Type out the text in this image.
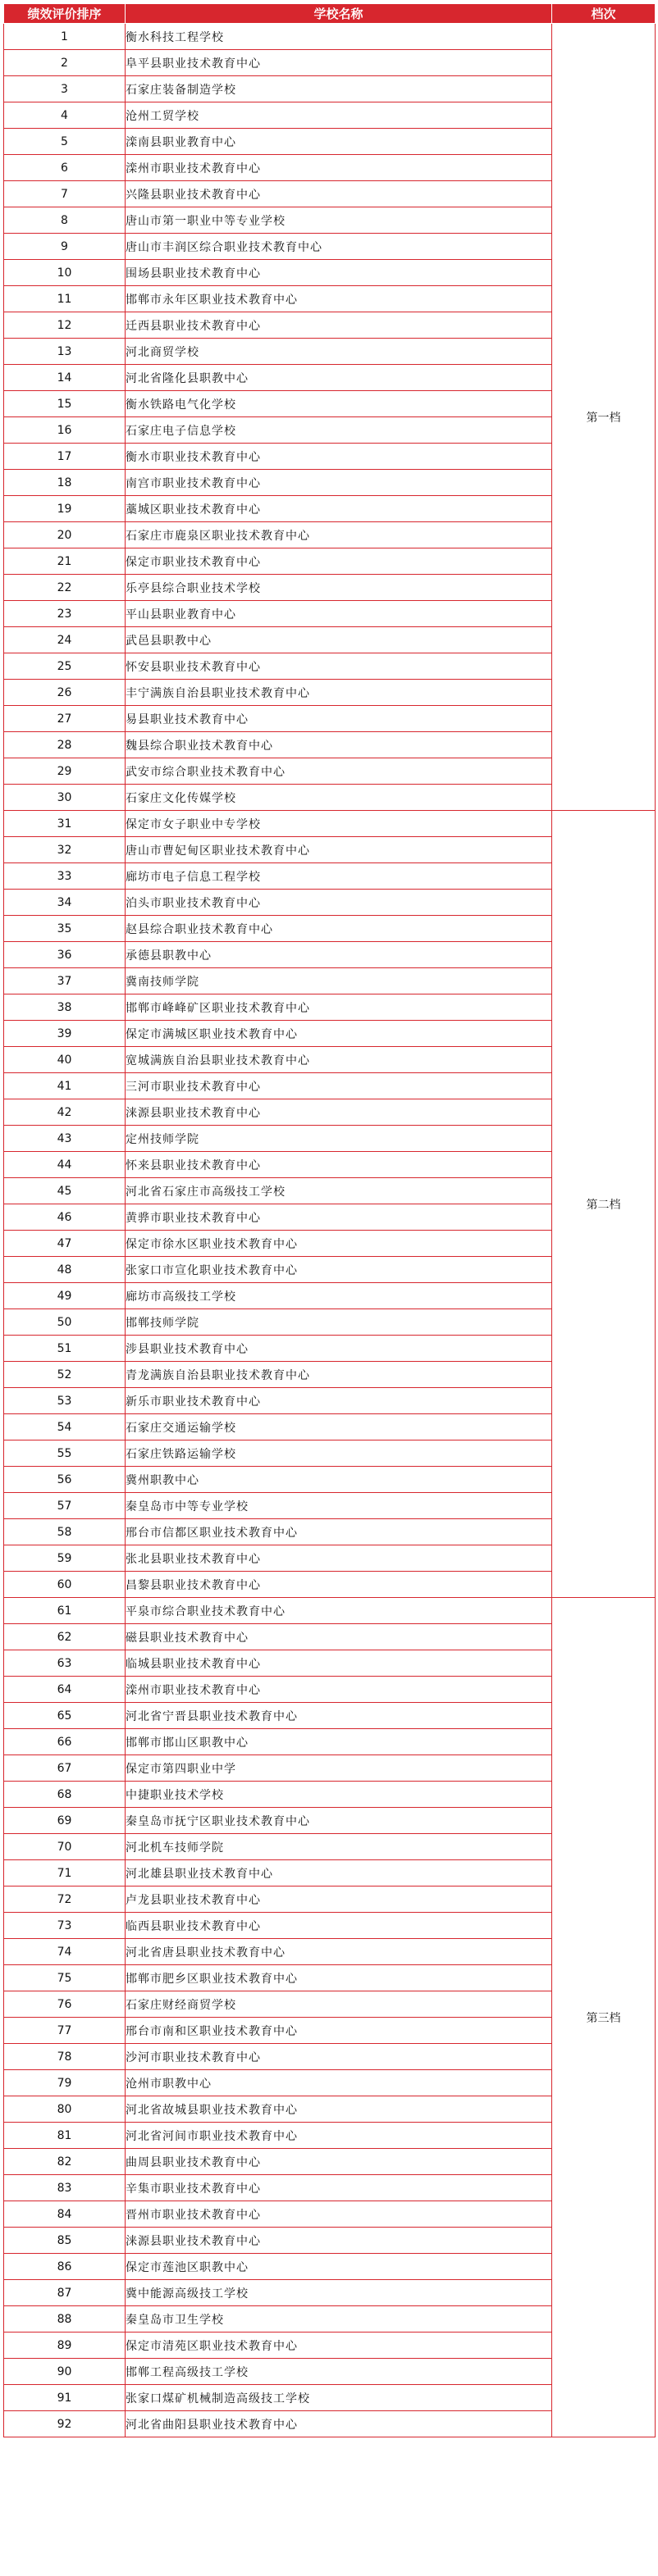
绩效评价排序	学校名称	档次
1	衡水科技工程学校	第一档
2	阜平县职业技术教育中心	
3	石家庄装备制造学校	
4	沧州工贸学校	
5	滦南县职业教育中心	
6	滦州市职业技术教育中心	
7	兴隆县职业技术教育中心	
8	唐山市第一职业中等专业学校	
9	唐山市丰润区综合职业技术教育中心	
10	围场县职业技术教育中心	
11	邯郸市永年区职业技术教育中心	
12	迁西县职业技术教育中心	
13	河北商贸学校	
14	河北省隆化县职教中心	
15	衡水铁路电气化学校	
16	石家庄电子信息学校	
17	衡水市职业技术教育中心	
18	南宫市职业技术教育中心	
19	藁城区职业技术教育中心	
20	石家庄市鹿泉区职业技术教育中心	
21	保定市职业技术教育中心	
22	乐亭县综合职业技术学校	
23	平山县职业教育中心	
24	武邑县职教中心	
25	怀安县职业技术教育中心	
26	丰宁满族自治县职业技术教育中心	
27	易县职业技术教育中心	
28	魏县综合职业技术教育中心	
29	武安市综合职业技术教育中心	
30	石家庄文化传媒学校	
31	保定市女子职业中专学校	第二档
32	唐山市曹妃甸区职业技术教育中心	
33	廊坊市电子信息工程学校	
34	泊头市职业技术教育中心	
35	赵县综合职业技术教育中心	
36	承德县职教中心	
37	冀南技师学院	
38	邯郸市峰峰矿区职业技术教育中心	
39	保定市满城区职业技术教育中心	
40	宽城满族自治县职业技术教育中心	
41	三河市职业技术教育中心	
42	涞源县职业技术教育中心	
43	定州技师学院	
44	怀来县职业技术教育中心	
45	河北省石家庄市高级技工学校	
46	黄骅市职业技术教育中心	
47	保定市徐水区职业技术教育中心	
48	张家口市宣化职业技术教育中心	
49	廊坊市高级技工学校	
50	邯郸技师学院	
51	涉县职业技术教育中心	
52	青龙满族自治县职业技术教育中心	
53	新乐市职业技术教育中心	
54	石家庄交通运输学校	
55	石家庄铁路运输学校	
56	冀州职教中心	
57	秦皇岛市中等专业学校	
58	邢台市信都区职业技术教育中心	
59	张北县职业技术教育中心	
60	昌黎县职业技术教育中心	
61	平泉市综合职业技术教育中心	第三档
62	磁县职业技术教育中心	
63	临城县职业技术教育中心	
64	滦州市职业技术教育中心	
65	河北省宁晋县职业技术教育中心	
66	邯郸市邯山区职教中心	
67	保定市第四职业中学	
68	中捷职业技术学校	
69	秦皇岛市抚宁区职业技术教育中心	
70	河北机车技师学院	
71	河北雄县职业技术教育中心	
72	卢龙县职业技术教育中心	
73	临西县职业技术教育中心	
74	河北省唐县职业技术教育中心	
75	邯郸市肥乡区职业技术教育中心	
76	石家庄财经商贸学校	
77	邢台市南和区职业技术教育中心	
78	沙河市职业技术教育中心	
79	沧州市职教中心	
80	河北省故城县职业技术教育中心	
81	河北省河间市职业技术教育中心	
82	曲周县职业技术教育中心	
83	辛集市职业技术教育中心	
84	晋州市职业技术教育中心	
85	涞源县职业技术教育中心	
86	保定市莲池区职教中心	
87	冀中能源高级技工学校	
88	秦皇岛市卫生学校	
89	保定市清苑区职业技术教育中心	
90	邯郸工程高级技工学校	
91	张家口煤矿机械制造高级技工学校	
92	河北省曲阳县职业技术教育中心	
